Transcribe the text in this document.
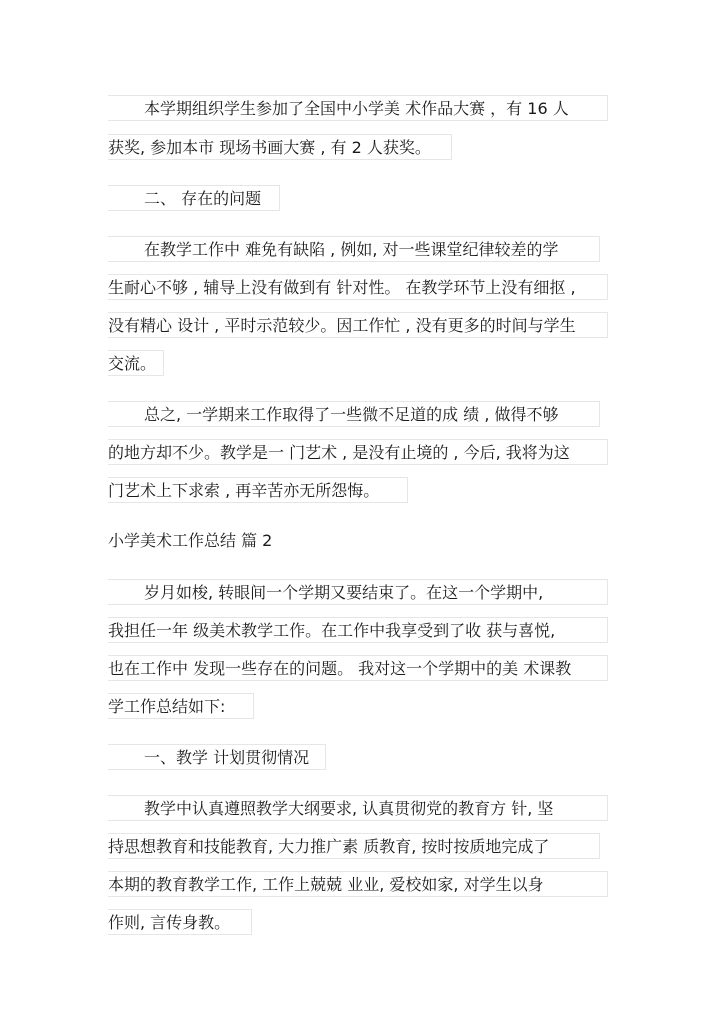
本学期组织学生参加了全国中小学美 术作品大赛 ，有 16 人
获奖, 参加本市 现场书画大赛 , 有 2 人获奖。
二、 存在的问题
在教学工作中 难免有缺陷 , 例如, 对一些课堂纪律较差的学
生耐心不够 , 辅导上没有做到有 针对性。 在教学环节上没有细抠 ,
没有精心 设计 , 平时示范较少。因工作忙 , 没有更多的时间与学生
交流。
总之, 一学期来工作取得了一些微不足道的成 绩 , 做得不够
的地方却不少。教学是一 门艺术 , 是没有止境的 , 今后, 我将为这
门艺术上下求索 , 再辛苦亦无所怨悔。
小学美术工作总结 篇 2
岁月如梭, 转眼间一个学期又要结束了。在这一个学期中,
我担任一年 级美术教学工作。在工作中我享受到了收 获与喜悦,
也在工作中 发现一些存在的问题。 我对这一个学期中的美 术课教
学工作总结如下:
一、教学 计划贯彻情况
教学中认真遵照教学大纲要求, 认真贯彻党的教育方 针, 坚
持思想教育和技能教育, 大力推广素 质教育, 按时按质地完成了
本期的教育教学工作, 工作上兢兢 业业, 爱校如家, 对学生以身
作则, 言传身教。
